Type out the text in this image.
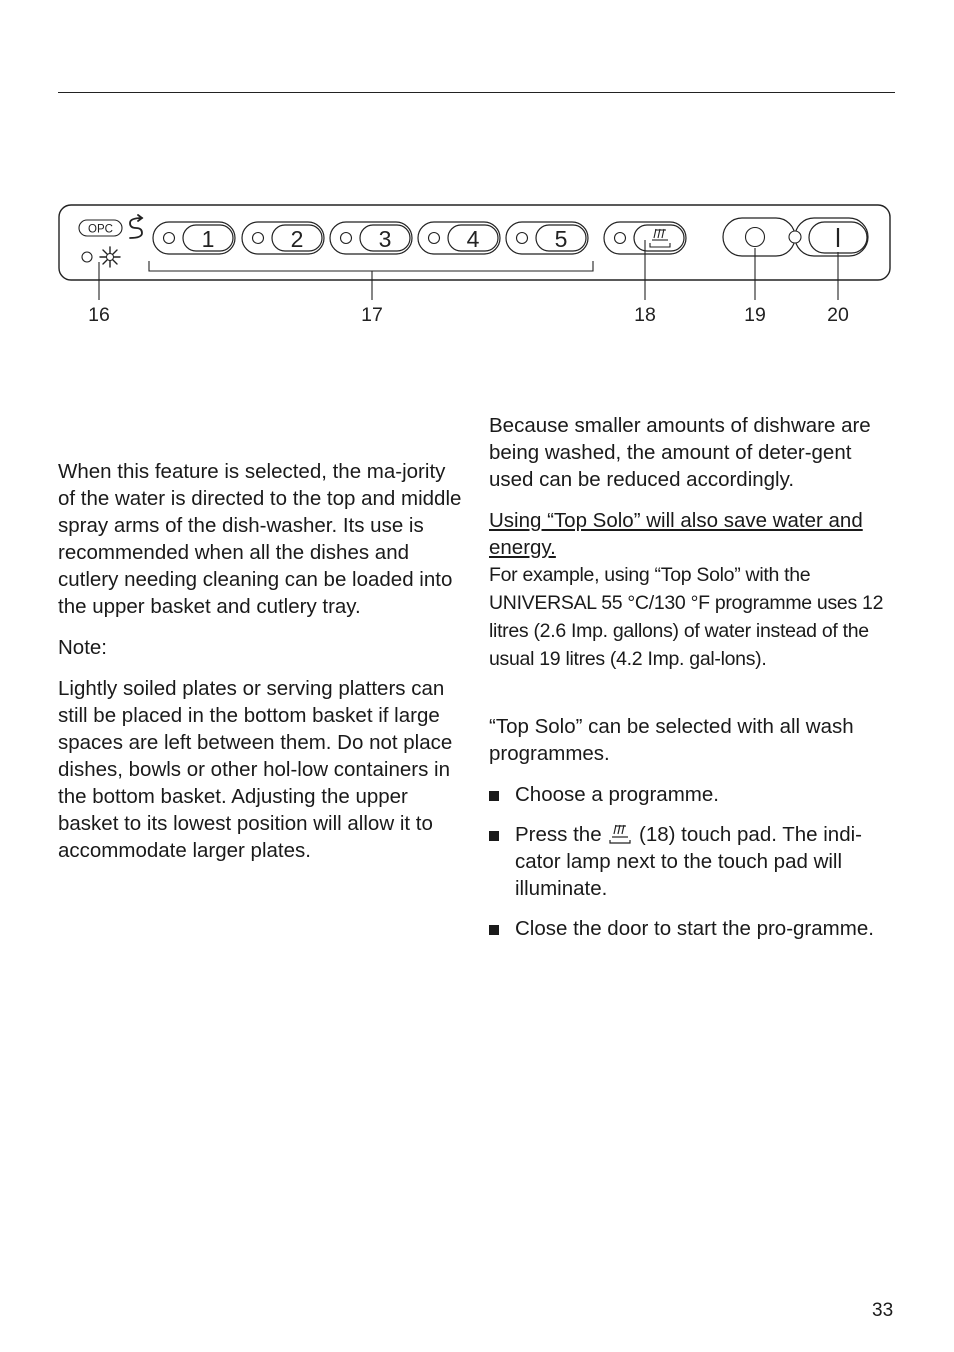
OPC	1	2	3	4	5
16	17	18	19	20

When this feature is selected, the ma-jority of the water is directed to the top and middle spray arms of the dish-washer. Its use is recommended when all the dishes and cutlery needing cleaning can be loaded into the upper basket and cutlery tray.

Note:

Lightly soiled plates or serving platters can still be placed in the bottom basket if large spaces are left between them. Do not place dishes, bowls or other hol-low containers in the bottom basket. Adjusting the upper basket to its lowest position will allow it to accommodate larger plates.

Because smaller amounts of dishware are being washed, the amount of deter-gent used can be reduced accordingly.

Using “Top Solo” will also save water and energy.
For example, using “Top Solo” with the UNIVERSAL 55 °C/130 °F programme uses 12 litres (2.6 Imp. gallons) of water instead of the usual 19 litres (4.2 Imp. gal-lons).

“Top Solo” can be selected with all wash programmes.

Choose a programme.
Press the (18) touch pad. The indi-cator lamp next to the touch pad will illuminate.
Close the door to start the pro-gramme.
33
